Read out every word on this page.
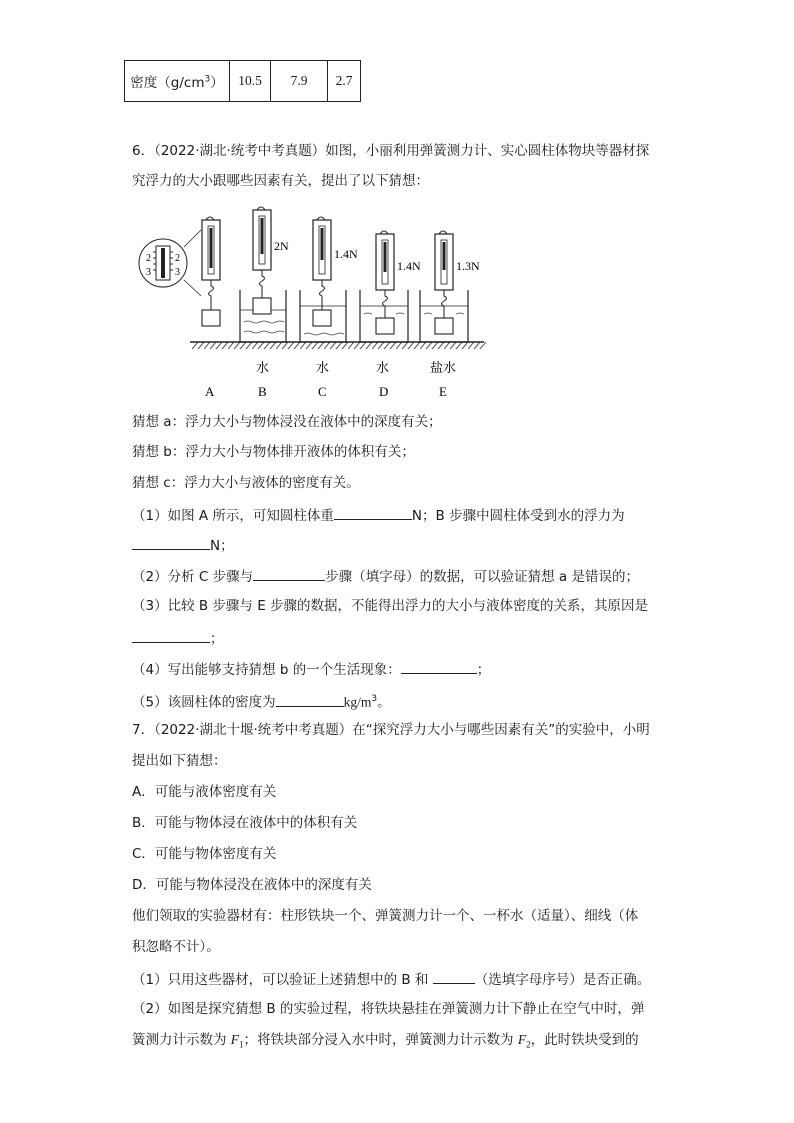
密度$(g/cm^3)$	10.5	7.9	2.7
6．（2022·湖北·统考中考真题）如图，小丽利用弹簧测力计、实心圆柱体物块等器材探
究浮力的大小跟哪些因素有关，提出了以下猜想：
2
3
2
3
2N
1.4N
1.4N	1.3N
水	水	水	盐水
A	B	C	D	E
猜想 a：浮力大小与物体浸没在液体中的深度有关；
猜想 b：浮力大小与物体排开液体的体积有关；
猜想 c：浮力大小与液体的密度有关。
（1）如图 A 所示，可知圆柱体重	N；B 步骤中圆柱体受到水的浮力为
N；
（2）分析 C 步骤与	步骤（填字母）的数据，可以验证猜想 a 是错误的；
（3）比较 B 步骤与 E 步骤的数据，不能得出浮力的大小与液体密度的关系，其原因是
；
（4）写出能够支持猜想 b 的一个生活现象：	；
（5）该圆柱体的密度为	$kg/m^3$。
7．（2022·湖北十堰·统考中考真题）在“探究浮力大小与哪些因素有关”的实验中，小明
提出如下猜想：
A．可能与液体密度有关
B．可能与物体浸在液体中的体积有关
C．可能与物体密度有关
D．可能与物体浸没在液体中的深度有关
他们领取的实验器材有：柱形铁块一个、弹簧测力计一个、一杯水（适量）、细线（体
积忽略不计）。
（1）只用这些器材，可以验证上述猜想中的 B 和	（选填字母序号）是否正确。
（2）如图是探究猜想 B 的实验过程，将铁块悬挂在弹簧测力计下静止在空气中时，弹
簧测力计示数为 $F_1$；将铁块部分浸入水中时，弹簧测力计示数为 $F_2$，此时铁块受到的
